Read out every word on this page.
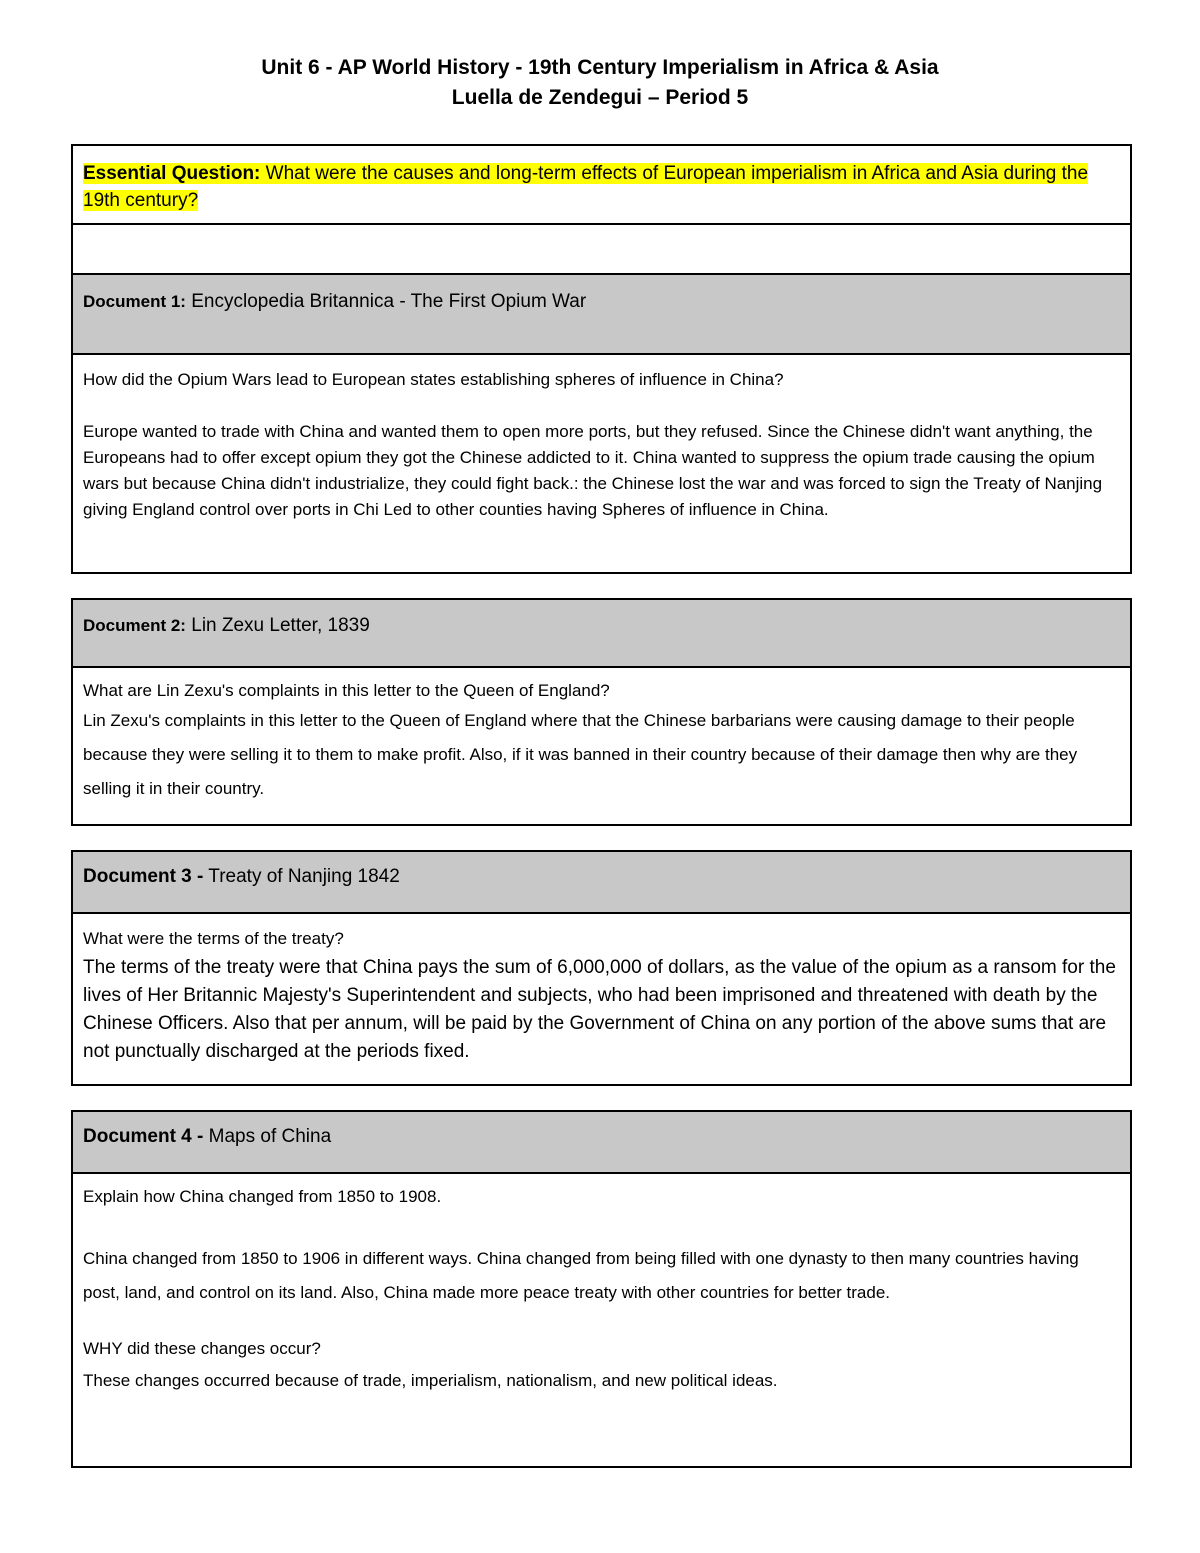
Unit 6 - AP World History - 19th Century Imperialism in Africa & Asia
Luella de Zendegui – Period 5
Essential Question: What were the causes and long-term effects of European imperialism in Africa and Asia during the 19th century?
Document 1: Encyclopedia Britannica - The First Opium War

How did the Opium Wars lead to European states establishing spheres of influence in China?

Europe wanted to trade with China and wanted them to open more ports, but they refused. Since the Chinese didn't want anything, the Europeans had to offer except opium they got the Chinese addicted to it. China wanted to suppress the opium trade causing the opium wars but because China didn't industrialize, they could fight back.: the Chinese lost the war and was forced to sign the Treaty of Nanjing giving England control over ports in Chi Led to other counties having Spheres of influence in China.

Document 2: Lin Zexu Letter, 1839

What are Lin Zexu's complaints in this letter to the Queen of England?

Lin Zexu's complaints in this letter to the Queen of England where that the Chinese barbarians were causing damage to their people because they were selling it to them to make profit. Also, if it was banned in their country because of their damage then why are they selling it in their country.

Document 3 - Treaty of Nanjing 1842

What were the terms of the treaty?

The terms of the treaty were that China pays the sum of 6,000,000 of dollars, as the value of the opium as a ransom for the lives of Her Britannic Majesty's Superintendent and subjects, who had been imprisoned and threatened with death by the Chinese Officers. Also that per annum, will be paid by the Government of China on any portion of the above sums that are not punctually discharged at the periods fixed.

Document 4 - Maps of China

Explain how China changed from 1850 to 1908.

China changed from 1850 to 1906 in different ways. China changed from being filled with one dynasty to then many countries having post, land, and control on its land. Also, China made more peace treaty with other countries for better trade.

WHY did these changes occur?

These changes occurred because of trade, imperialism, nationalism, and new political ideas.
